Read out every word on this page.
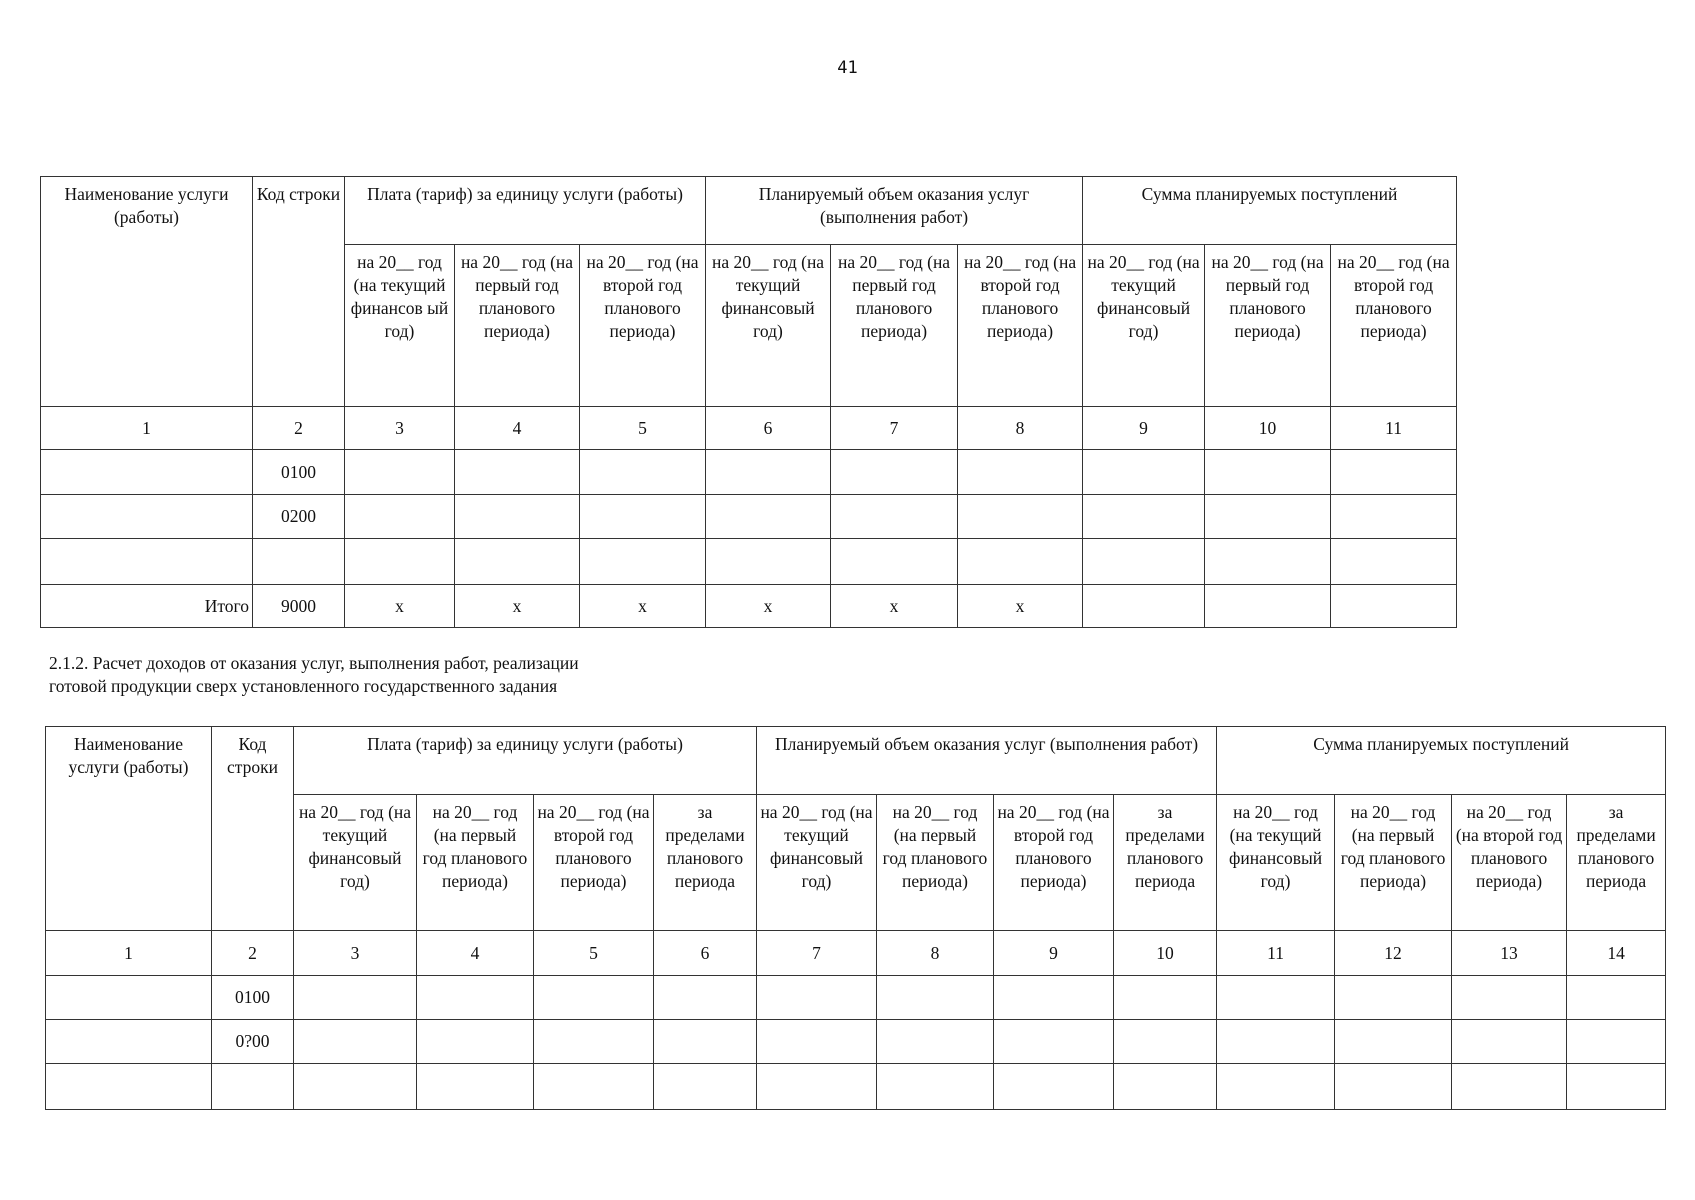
41
Наименование услуги (работы)	Код строки	Плата (тариф) за единицу услуги (работы)			Планируемый объем оказания услуг (выполнения работ)			Сумма планируемых поступлений		
		на 20__ год (на текущий финансов ый год)	на 20__ год (на первый год планового периода)	на 20__ год (на второй год планового периода)	на 20__ год (на текущий финансовый год)	на 20__ год (на первый год планового периода)	на 20__ год (на второй год планового периода)	на 20__ год (на текущий финансовый год)	на 20__ год (на первый год планового периода)	на 20__ год (на второй год планового периода)
1	2	3	4	5	6	7	8	9	10	11
	0100									
	0200									

Итого	9000	x	x	x	x	x	x			
2.1.2. Расчет доходов от оказания услуг, выполнения работ, реализации
готовой продукции сверх установленного государственного задания
Наименование услуги (работы)	Код строки	Плата (тариф) за единицу услуги (работы)				Планируемый объем оказания услуг (выполнения работ)				Сумма планируемых поступлений			
		на 20__ год (на текущий финансовый год)	на 20__ год (на первый год планового периода)	на 20__ год (на второй год планового периода)	за пределами планового периода	на 20__ год (на текущий финансовый год)	на 20__ год (на первый год планового периода)	на 20__ год (на второй год планового периода)	за пределами планового периода	на 20__ год (на текущий финансовый год)	на 20__ год (на первый год планового периода)	на 20__ год (на второй год планового периода)	за пределами планового периода
1	2	3	4	5	6	7	8	9	10	11	12	13	14
	0100												
	0?00												
